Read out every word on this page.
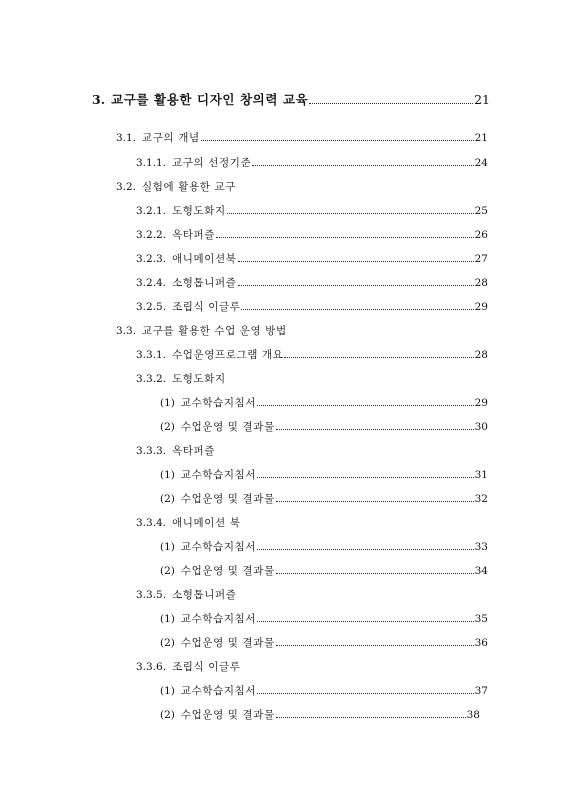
3. 교구를 활용한 디자인 창의력 교육	21
3.1. 교구의 개념	21
3.1.1. 교구의 선정기준	24
3.2. 실험에 활용한 교구
3.2.1. 도형도화지	25
3.2.2. 옥타퍼즐	26
3.2.3. 애니메이션북	27
3.2.4. 소형톱니퍼즐	28
3.2.5. 조립식 이글루	29
3.3. 교구를 활용한 수업 운영 방법
3.3.1. 수업운영프로그램 개요	28
3.3.2. 도형도화지
(1) 교수학습지침서	29
(2) 수업운영 및 결과물	30
3.3.3. 옥타퍼즐
(1) 교수학습지침서	31
(2) 수업운영 및 결과물	32
3.3.4. 애니메이션 북
(1) 교수학습지침서	33
(2) 수업운영 및 결과물	34
3.3.5. 소형톱니퍼즐
(1) 교수학습지침서	35
(2) 수업운영 및 결과물	36
3.3.6. 조립식 이글루
(1) 교수학습지침서	37
(2) 수업운영 및 결과물	38
